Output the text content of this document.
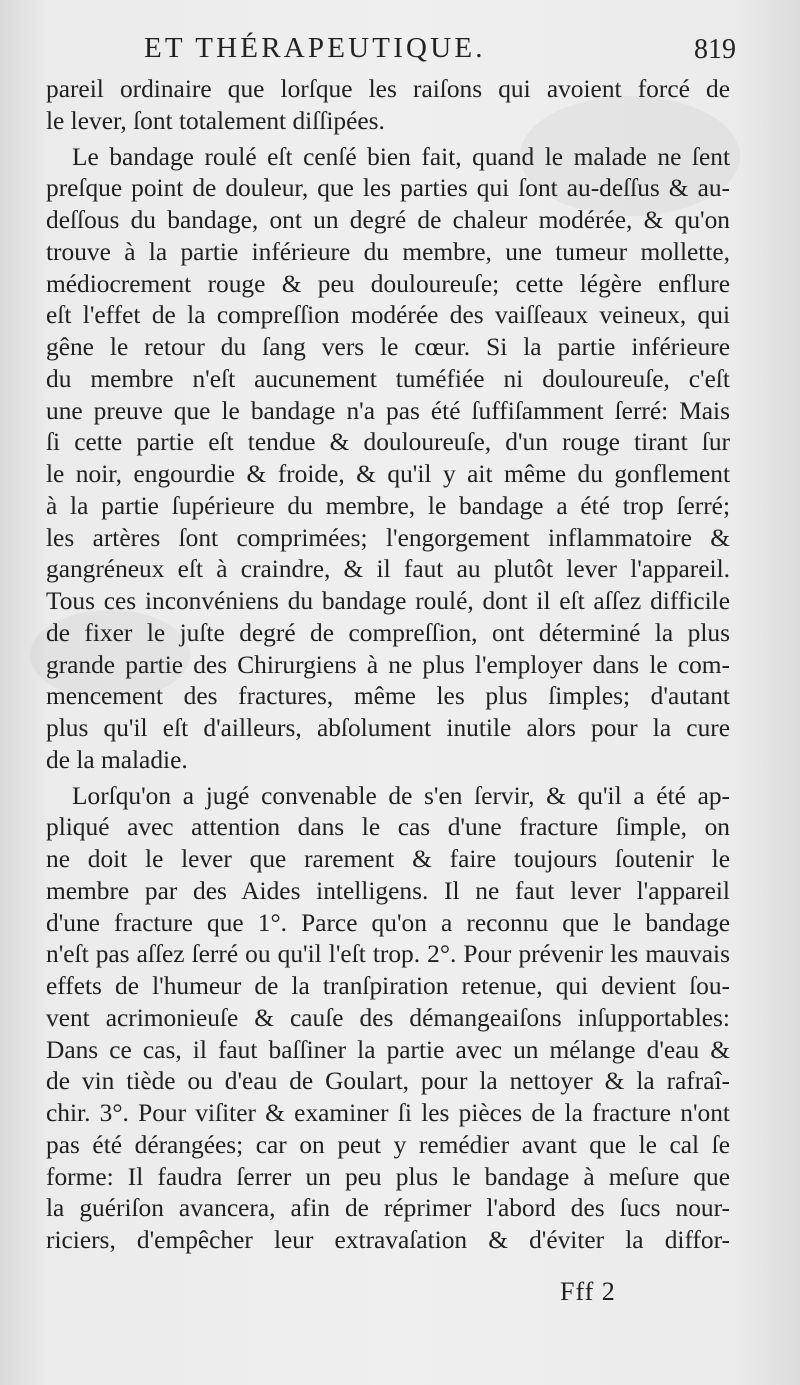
ET THÉRAPEUTIQUE.	819
pareil ordinaire que lorſque les raiſons qui avoient forcé de
le lever, ſont totalement diſſipées.
Le bandage roulé eſt cenſé bien fait, quand le malade ne ſent
preſque point de douleur, que les parties qui ſont au-deſſus & au-
deſſous du bandage, ont un degré de chaleur modérée, & qu'on
trouve à la partie inférieure du membre, une tumeur mollette,
médiocrement rouge & peu douloureuſe; cette légère enflure
eſt l'effet de la compreſſion modérée des vaiſſeaux veineux, qui
gêne le retour du ſang vers le cœur. Si la partie inférieure
du membre n'eſt aucunement tuméfiée ni douloureuſe, c'eſt
une preuve que le bandage n'a pas été ſuffiſamment ſerré: Mais
ſi cette partie eſt tendue & douloureuſe, d'un rouge tirant ſur
le noir, engourdie & froide, & qu'il y ait même du gonflement
à la partie ſupérieure du membre, le bandage a été trop ſerré;
les artères ſont comprimées; l'engorgement inflammatoire &
gangréneux eſt à craindre, & il faut au plutôt lever l'appareil.
Tous ces inconvéniens du bandage roulé, dont il eſt aſſez difficile
de fixer le juſte degré de compreſſion, ont déterminé la plus
grande partie des Chirurgiens à ne plus l'employer dans le com-
mencement des fractures, même les plus ſimples; d'autant
plus qu'il eſt d'ailleurs, abſolument inutile alors pour la cure
de la maladie.
Lorſqu'on a jugé convenable de s'en ſervir, & qu'il a été ap-
pliqué avec attention dans le cas d'une fracture ſimple, on
ne doit le lever que rarement & faire toujours ſoutenir le
membre par des Aides intelligens. Il ne faut lever l'appareil
d'une fracture que 1°. Parce qu'on a reconnu que le bandage
n'eſt pas aſſez ſerré ou qu'il l'eſt trop. 2°. Pour prévenir les mauvais
effets de l'humeur de la tranſpiration retenue, qui devient ſou-
vent acrimonieuſe & cauſe des démangeaiſons inſupportables:
Dans ce cas, il faut baſſiner la partie avec un mélange d'eau &
de vin tiède ou d'eau de Goulart, pour la nettoyer & la rafraî-
chir. 3°. Pour viſiter & examiner ſi les pièces de la fracture n'ont
pas été dérangées; car on peut y remédier avant que le cal ſe
forme: Il faudra ſerrer un peu plus le bandage à meſure que
la guériſon avancera, afin de réprimer l'abord des ſucs nour-
riciers, d'empêcher leur extravaſation & d'éviter la diffor-
Fff 2
